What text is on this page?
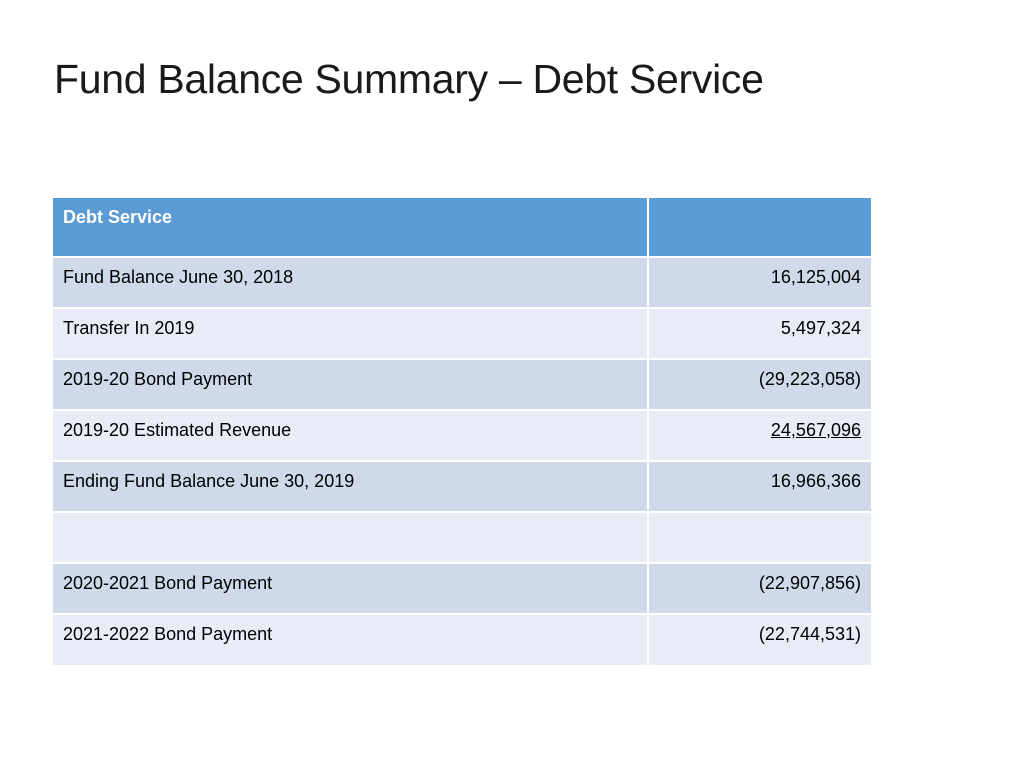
Fund Balance Summary – Debt Service
Debt Service	
Fund Balance June 30, 2018	16,125,004
Transfer In 2019	5,497,324
2019-20 Bond Payment	(29,223,058)
2019-20 Estimated Revenue	24,567,096
Ending Fund Balance June 30, 2019	16,966,366

2020-2021 Bond Payment	(22,907,856)
2021-2022 Bond Payment	(22,744,531)
